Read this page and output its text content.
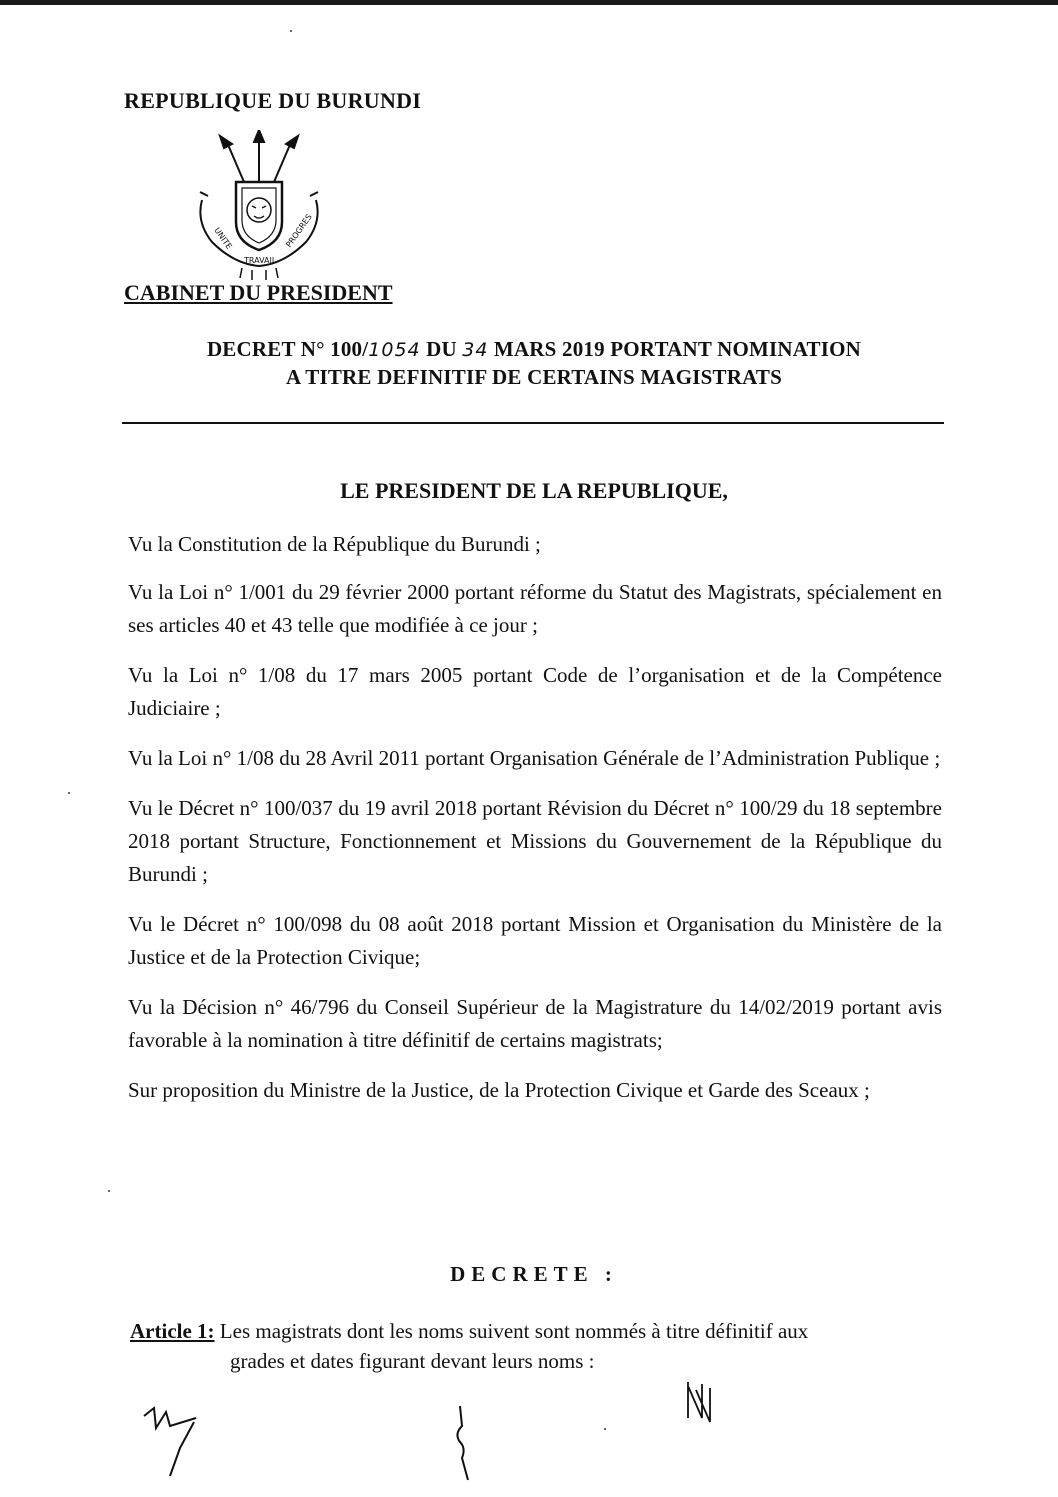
REPUBLIQUE DU BURUNDI
UNITE
TRAVAIL
PROGRES
CABINET DU PRESIDENT
DECRET N° 100/1054 DU 34 MARS 2019 PORTANT NOMINATION
A TITRE DEFINITIF DE CERTAINS MAGISTRATS
LE PRESIDENT DE LA REPUBLIQUE,

Vu la Constitution de la République du Burundi ;

Vu la Loi n° 1/001 du 29 février 2000 portant réforme du Statut des Magistrats, spécialement en ses articles 40 et 43 telle que modifiée à ce jour ;

Vu la Loi n° 1/08 du 17 mars 2005 portant Code de l’organisation et de la Compétence Judiciaire ;

Vu la Loi n° 1/08 du 28 Avril 2011 portant Organisation Générale de l’Administration Publique ;

Vu le Décret n° 100/037 du 19 avril 2018 portant Révision du Décret n° 100/29 du 18 septembre 2018 portant Structure, Fonctionnement et Missions du Gouvernement de la République du Burundi ;

Vu le Décret n° 100/098 du 08 août 2018 portant Mission et Organisation du Ministère de la Justice et de la Protection Civique;

Vu la Décision n° 46/796 du Conseil Supérieur de la Magistrature du 14/02/2019 portant avis favorable à la nomination à titre définitif de certains magistrats;

Sur proposition du Ministre de la Justice, de la Protection Civique et Garde des Sceaux ;

DECRETE :
Article 1: Les magistrats dont les noms suivent sont nommés à titre définitif aux
grades et dates figurant devant leurs noms :
